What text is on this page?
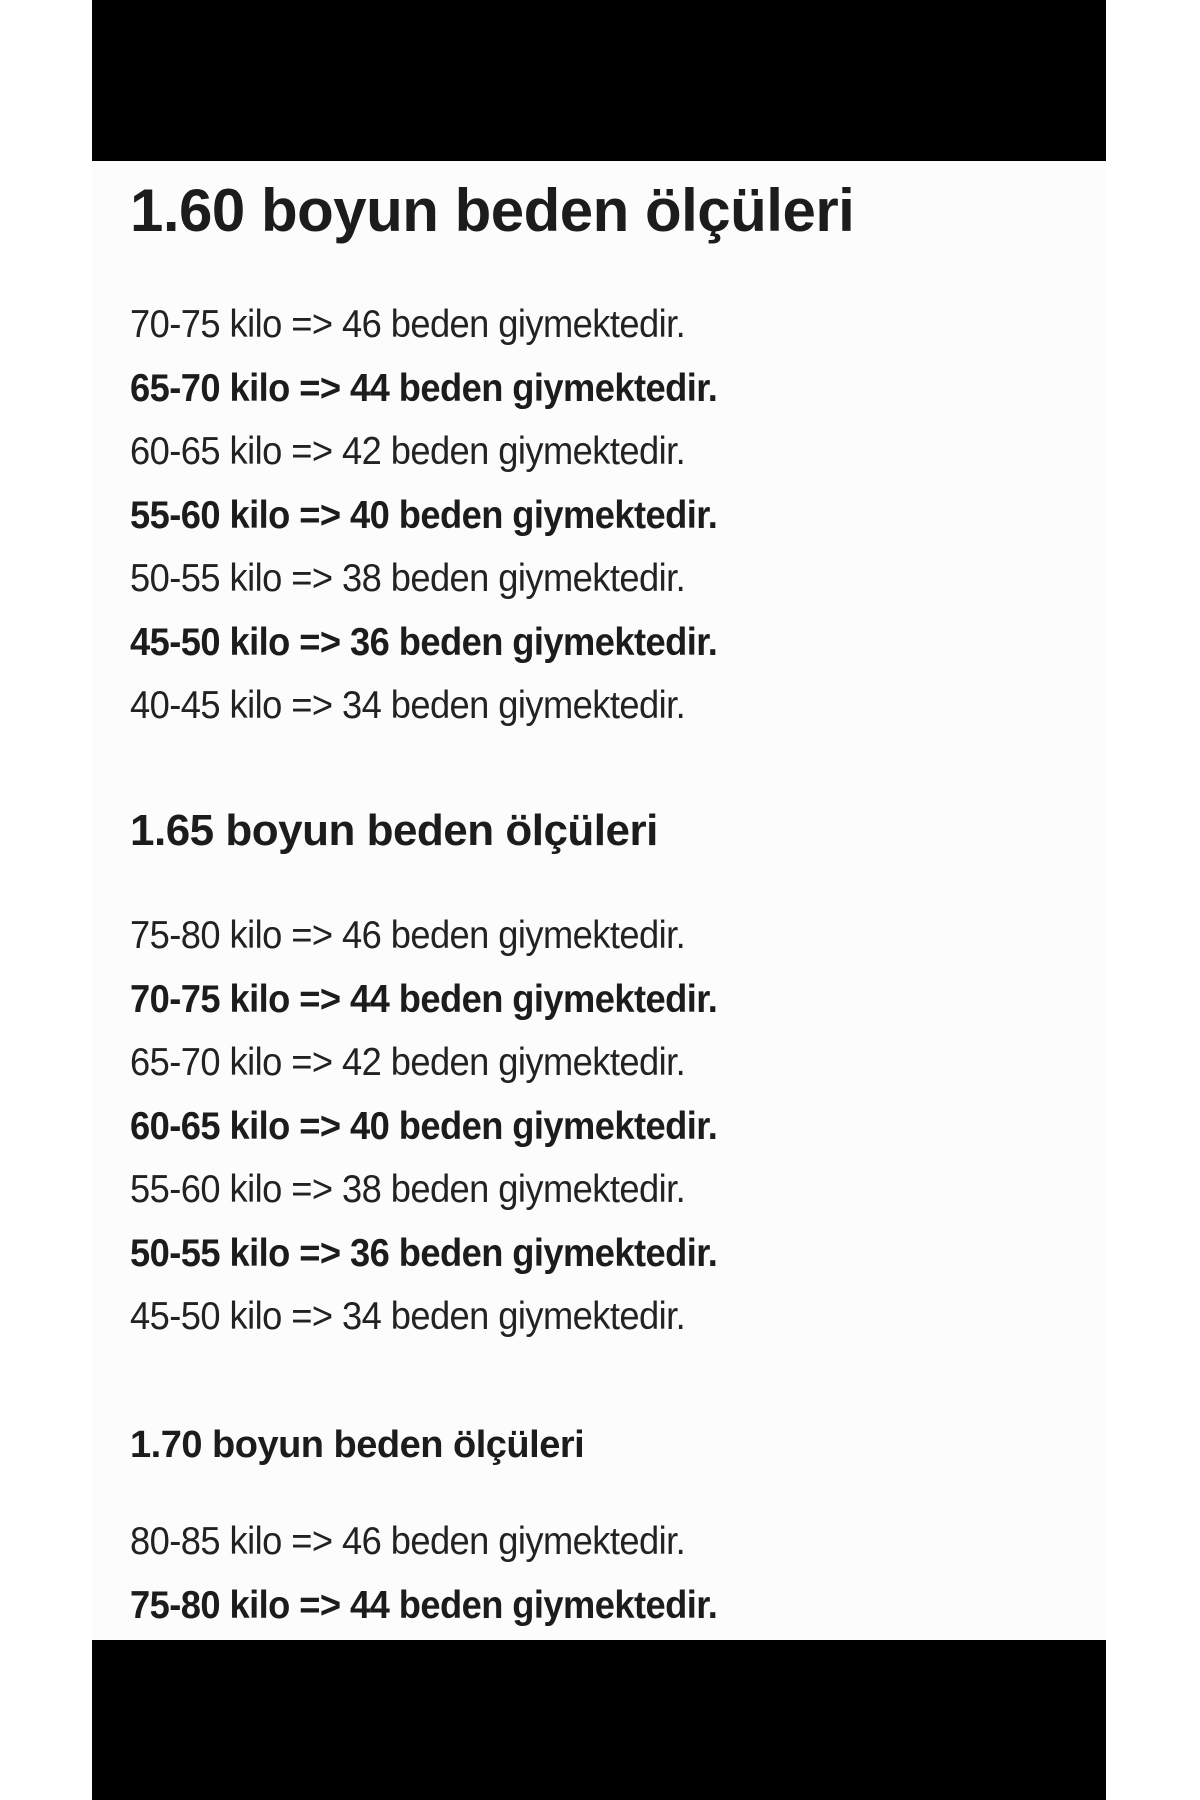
1.60 boyun beden ölçüleri
70-75 kilo => 46 beden giymektedir.
65-70 kilo => 44 beden giymektedir.
60-65 kilo => 42 beden giymektedir.
55-60 kilo => 40 beden giymektedir.
50-55 kilo => 38 beden giymektedir.
45-50 kilo => 36 beden giymektedir.
40-45 kilo => 34 beden giymektedir.
1.65 boyun beden ölçüleri
75-80 kilo => 46 beden giymektedir.
70-75 kilo => 44 beden giymektedir.
65-70 kilo => 42 beden giymektedir.
60-65 kilo => 40 beden giymektedir.
55-60 kilo => 38 beden giymektedir.
50-55 kilo => 36 beden giymektedir.
45-50 kilo => 34 beden giymektedir.
1.70 boyun beden ölçüleri
80-85 kilo => 46 beden giymektedir.
75-80 kilo => 44 beden giymektedir.
